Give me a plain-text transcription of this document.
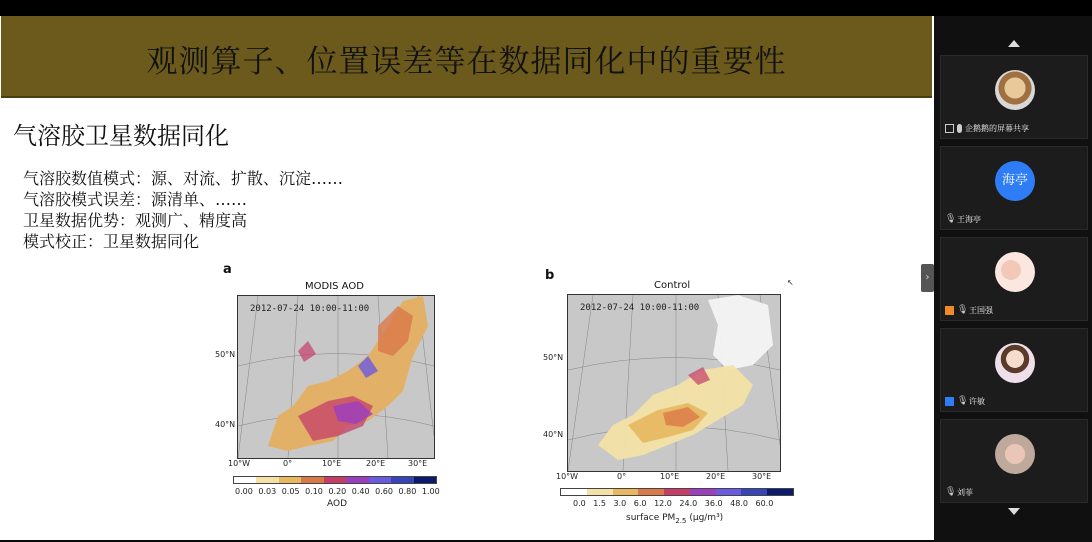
观测算子、位置误差等在数据同化中的重要性
气溶胶卫星数据同化
气溶胶数值模式：源、对流、扩散、沉淀……
气溶胶模式误差：源清单、……
卫星数据优势：观测广、精度高
模式校正：卫星数据同化
a
MODIS AOD
2012-07-24 10:00-11:00
50°N
40°N
10°W	0°	10°E	20°E	30°E
0.00 0.03 0.05 0.10 0.20 0.40 0.60 0.80 1.00
AOD
b
Control
2012-07-24 10:00-11:00
50°N
40°N
10°W	0°	10°E	20°E	30°E
0.0 1.5 3.0 6.0 12.0 24.0 36.0 48.0 60.0
surface $PM_{2.5}$ (μg/m³)
↖	›
企鹅鹅的屏幕共享
海亭
🎙 王海亭
🎙 王国强
🎙 许敏
🎙 刘菲
